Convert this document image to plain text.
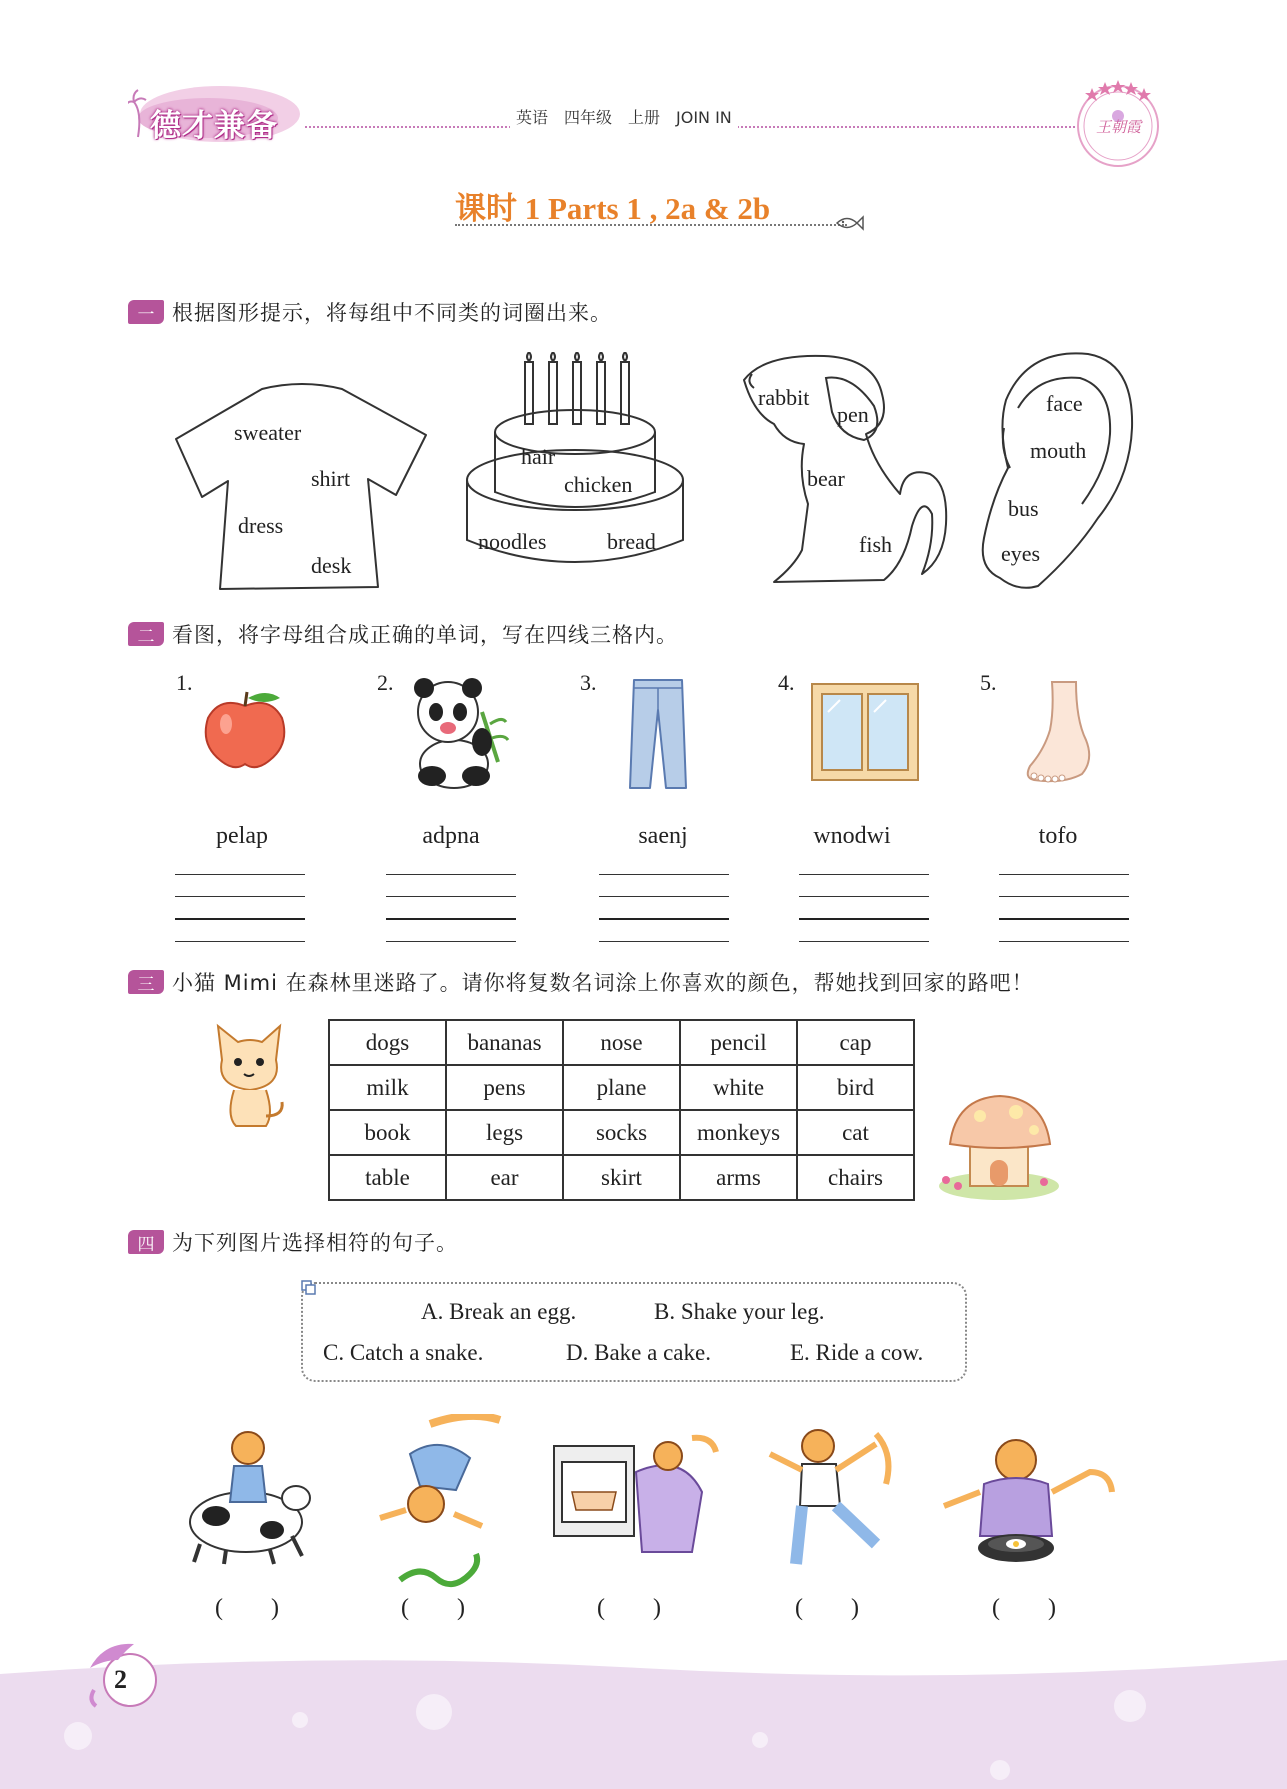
德才兼备	英语　四年级　上册　JOIN IN	王朝霞
课时 1 Parts 1 , 2a & 2b
一 根据图形提示，将每组中不同类的词圈出来。
sweater
shirt
dress
desk
hair
chicken
noodles	bread
rabbit
pen
bear
fish
face
mouth
bus
eyes
二 看图，将字母组合成正确的单词，写在四线三格内。
1.	2.	3.	4.	5.
pelap	adpna	saenj	wnodwi	tofo
三 小猫 Mimi 在森林里迷路了。请你将复数名词涂上你喜欢的颜色，帮她找到回家的路吧！
dogs	bananas	nose	pencil	cap
milk	pens	plane	white	bird
book	legs	socks	monkeys	cat
table	ear	skirt	arms	chairs
四 为下列图片选择相符的句子。
A. Break an egg.	B. Shake your leg.
C. Catch a snake.	D. Bake a cake.	E. Ride a cow.
(        )	(        )	(        )	(        )	(        )
2
